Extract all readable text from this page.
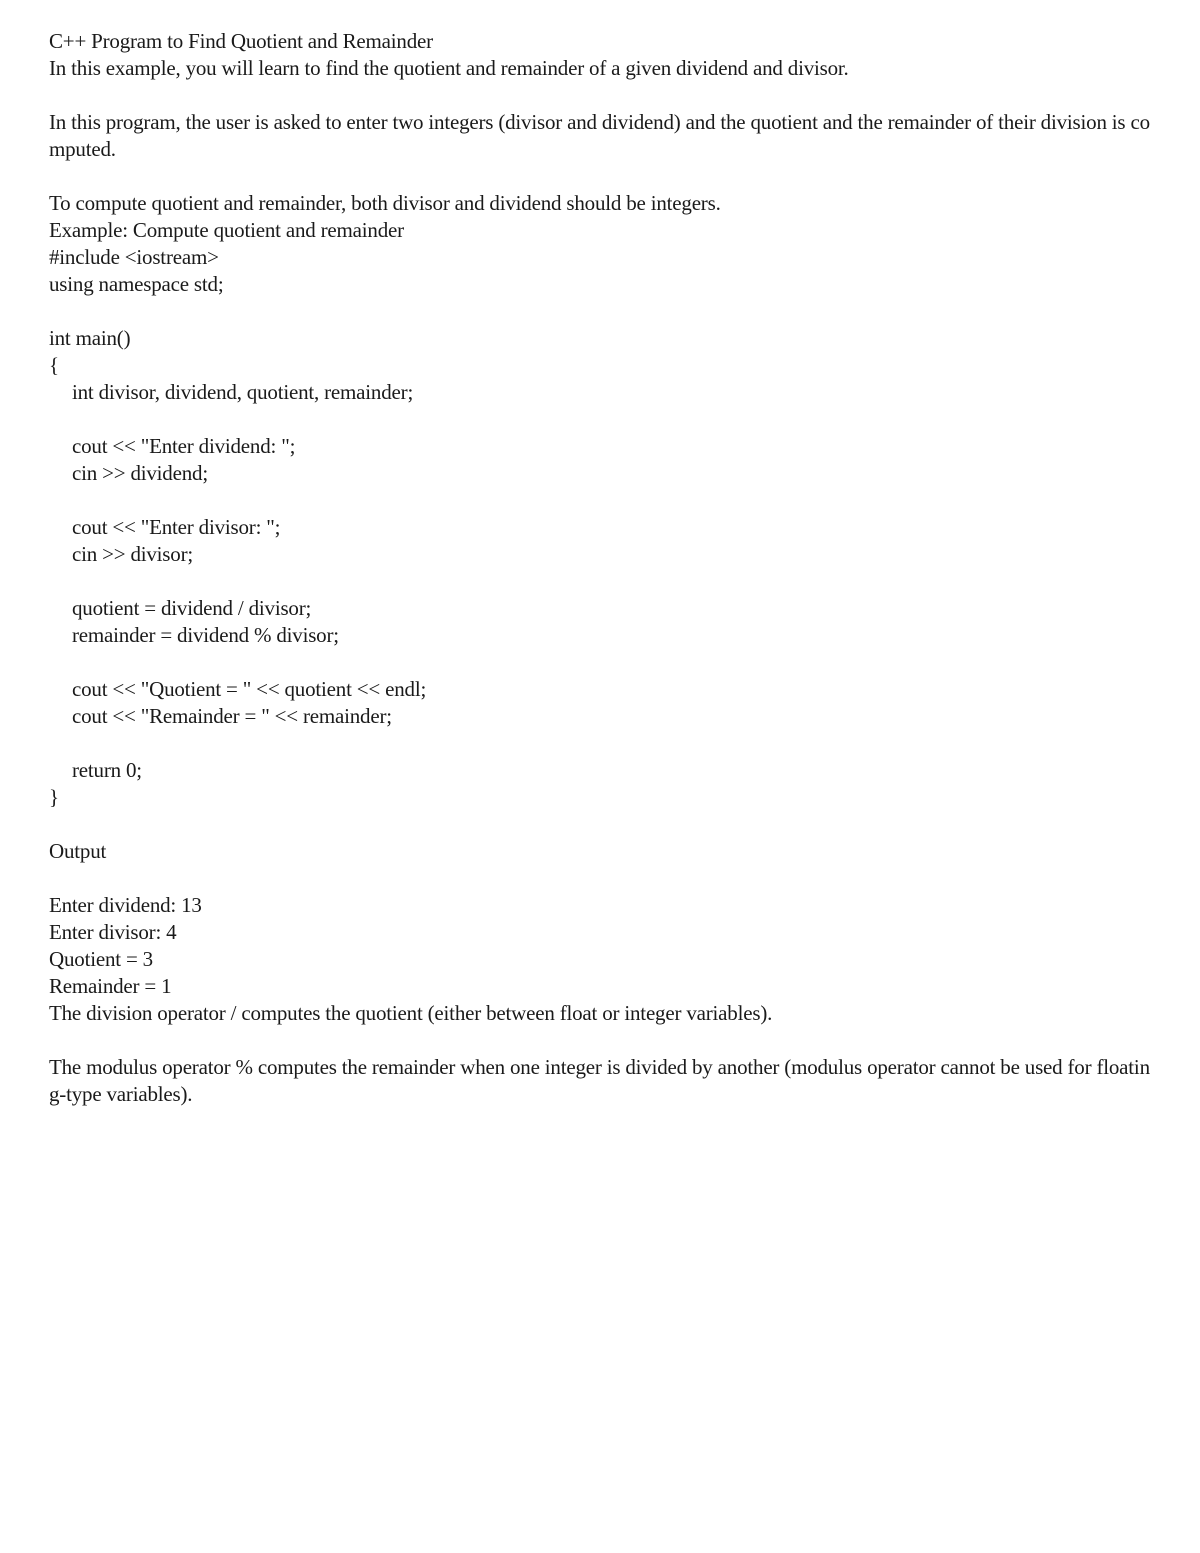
C++ Program to Find Quotient and Remainder
In this example, you will learn to find the quotient and remainder of a given dividend and divisor.
In this program, the user is asked to enter two integers (divisor and dividend) and the quotient and the remainder of their division is computed.
To compute quotient and remainder, both divisor and dividend should be integers.
Example: Compute quotient and remainder
#include <iostream>
using namespace std;
int main()
{
int divisor, dividend, quotient, remainder;
cout << "Enter dividend: ";
cin >> dividend;
cout << "Enter divisor: ";
cin >> divisor;
quotient = dividend / divisor;
remainder = dividend % divisor;
cout << "Quotient = " << quotient << endl;
cout << "Remainder = " << remainder;
return 0;
}
Output
Enter dividend: 13
Enter divisor: 4
Quotient = 3
Remainder = 1
The division operator / computes the quotient (either between float or integer variables).
The modulus operator % computes the remainder when one integer is divided by another (modulus operator cannot be used for floating-type variables).
